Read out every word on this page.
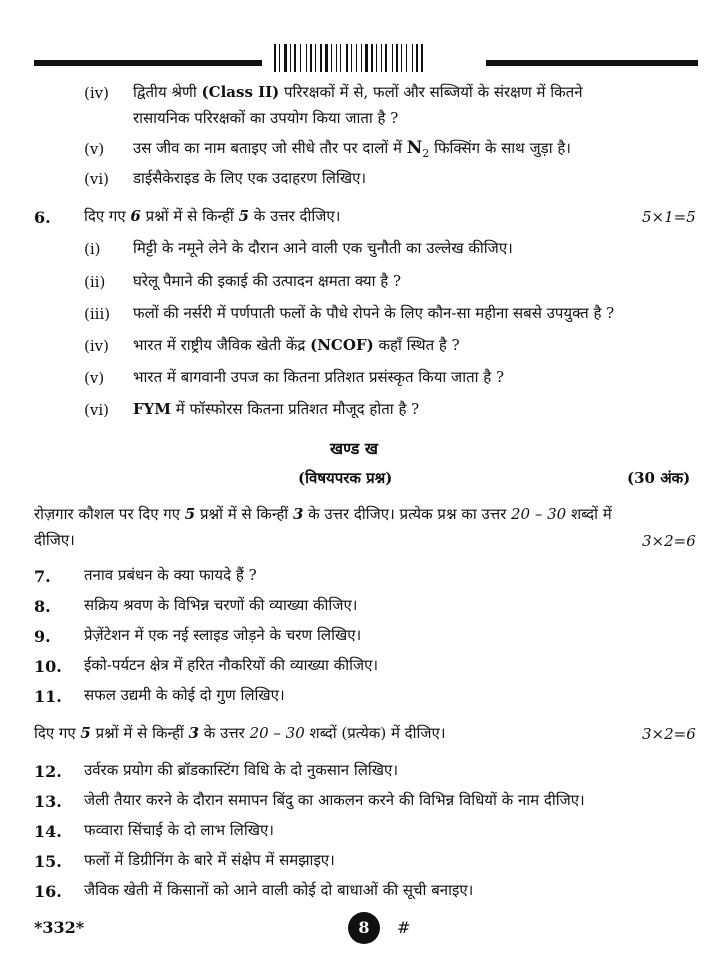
(iv) द्वितीय श्रेणी (Class II) परिरक्षकों में से, फलों और सब्जियों के संरक्षण में कितने
रासायनिक परिरक्षकों का उपयोग किया जाता है ?
(v) उस जीव का नाम बताइए जो सीधे तौर पर दालों में $N_2$ फिक्सिंग के साथ जुड़ा है।
(vi) डाईसैकेराइड के लिए एक उदाहरण लिखिए।
6. दिए गए 6 प्रश्नों में से किन्हीं 5 के उत्तर दीजिए।	5×1=5
(i) मिट्टी के नमूने लेने के दौरान आने वाली एक चुनौती का उल्लेख कीजिए।
(ii) घरेलू पैमाने की इकाई की उत्पादन क्षमता क्या है ?
(iii) फलों की नर्सरी में पर्णपाती फलों के पौधे रोपने के लिए कौन-सा महीना सबसे उपयुक्त है ?
(iv) भारत में राष्ट्रीय जैविक खेती केंद्र (NCOF) कहाँ स्थित है ?
(v) भारत में बागवानी उपज का कितना प्रतिशत प्रसंस्कृत किया जाता है ?
(vi) FYM में फॉस्फोरस कितना प्रतिशत मौजूद होता है ?
खण्ड ख
(विषयपरक प्रश्न)	(30 अंक)
रोज़गार कौशल पर दिए गए 5 प्रश्नों में से किन्हीं 3 के उत्तर दीजिए। प्रत्येक प्रश्न का उत्तर 20 – 30 शब्दों में
दीजिए।	3×2=6
7. तनाव प्रबंधन के क्या फायदे हैं ?
8. सक्रिय श्रवण के विभिन्न चरणों की व्याख्या कीजिए।
9. प्रेज़ेंटेशन में एक नई स्लाइड जोड़ने के चरण लिखिए।
10. ईको-पर्यटन क्षेत्र में हरित नौकरियों की व्याख्या कीजिए।
11. सफल उद्यमी के कोई दो गुण लिखिए।
दिए गए 5 प्रश्नों में से किन्हीं 3 के उत्तर 20 – 30 शब्दों (प्रत्येक) में दीजिए।	3×2=6
12. उर्वरक प्रयोग की ब्रॉडकास्टिंग विधि के दो नुकसान लिखिए।
13. जेली तैयार करने के दौरान समापन बिंदु का आकलन करने की विभिन्न विधियों के नाम दीजिए।
14. फव्वारा सिंचाई के दो लाभ लिखिए।
15. फलों में डिग्रीनिंग के बारे में संक्षेप में समझाइए।
16. जैविक खेती में किसानों को आने वाली कोई दो बाधाओं की सूची बनाइए।
*332*	8	#
